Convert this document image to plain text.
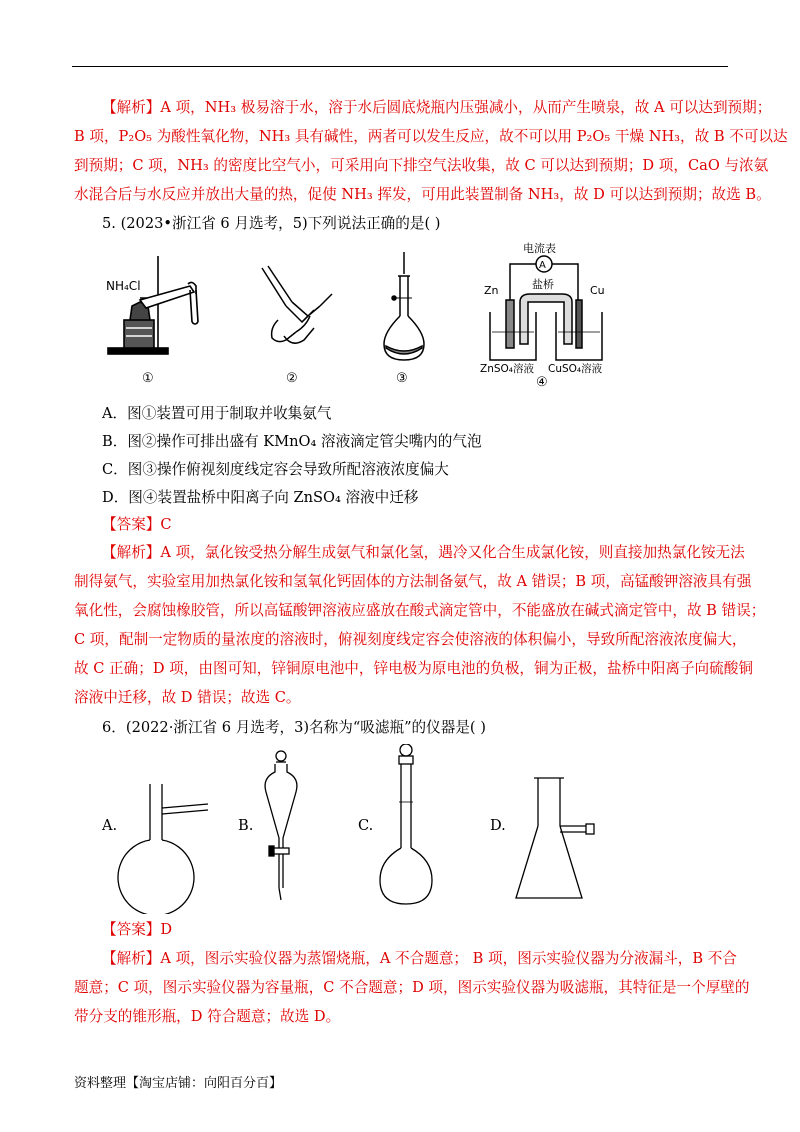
【解析】A 项，NH₃ 极易溶于水，溶于水后圆底烧瓶内压强减小，从而产生喷泉，故 A 可以达到预期；

B 项，P₂O₅ 为酸性氧化物，NH₃ 具有碱性，两者可以发生反应，故不可以用 P₂O₅ 干燥 NH₃，故 B 不可以达

到预期；C 项，NH₃ 的密度比空气小，可采用向下排空气法收集，故 C 可以达到预期；D 项，CaO 与浓氨

水混合后与水反应并放出大量的热，促使 NH₃ 挥发，可用此装置制备 NH₃，故 D 可以达到预期；故选 B。

5. (2023•浙江省 6 月选考，5)下列说法正确的是( )

NH₄Cl
①	②	③
电流表
A
盐桥
Zn	Cu
ZnSO₄溶液 CuSO₄溶液
④

A．图①装置可用于制取并收集氨气

B．图②操作可排出盛有 KMnO₄ 溶液滴定管尖嘴内的气泡

C．图③操作俯视刻度线定容会导致所配溶液浓度偏大

D．图④装置盐桥中阳离子向 ZnSO₄ 溶液中迁移

【答案】C

【解析】A 项，氯化铵受热分解生成氨气和氯化氢，遇冷又化合生成氯化铵，则直接加热氯化铵无法

制得氨气，实验室用加热氯化铵和氢氧化钙固体的方法制备氨气，故 A 错误；B 项，高锰酸钾溶液具有强

氧化性，会腐蚀橡胶管，所以高锰酸钾溶液应盛放在酸式滴定管中，不能盛放在碱式滴定管中，故 B 错误；

C 项，配制一定物质的量浓度的溶液时，俯视刻度线定容会使溶液的体积偏小，导致所配溶液浓度偏大，

故 C 正确；D 项，由图可知，锌铜原电池中，锌电极为原电池的负极，铜为正极，盐桥中阳离子向硫酸铜

溶液中迁移，故 D 错误；故选 C。

6．(2022·浙江省 6 月选考，3)名称为“吸滤瓶”的仪器是( )

A.	B.	C.	D.

【答案】D

【解析】A 项，图示实验仪器为蒸馏烧瓶，A 不合题意； B 项，图示实验仪器为分液漏斗，B 不合

题意；C 项，图示实验仪器为容量瓶，C 不合题意；D 项，图示实验仪器为吸滤瓶，其特征是一个厚壁的

带分支的锥形瓶，D 符合题意；故选 D。

资料整理【淘宝店铺：向阳百分百】
